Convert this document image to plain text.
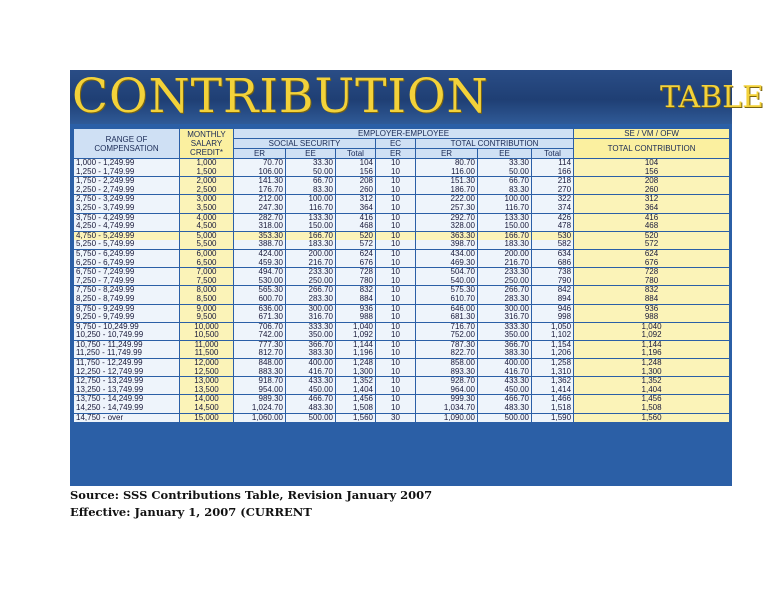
CONTRIBUTION	TABLE
RANGE OF COMPENSATION	MONTHLY SALARY CREDIT*	EMPLOYER-EMPLOYEE							SE / VM / OFW
		SOCIAL SECURITY			EC	TOTAL CONTRIBUTION			TOTAL CONTRIBUTION
		ER	EE	Total	ER	ER	EE	Total	
1,000 - 1,249.99	1,000	70.70	33.30	104	10	80.70	33.30	114	104
1,250 - 1,749.99	1,500	106.00	50.00	156	10	116.00	50.00	166	156
1,750 - 2,249.99	2,000	141.30	66.70	208	10	151.30	66.70	218	208
2,250 - 2,749.99	2,500	176.70	83.30	260	10	186.70	83.30	270	260
2,750 - 3,249.99	3,000	212.00	100.00	312	10	222.00	100.00	322	312
3,250 - 3,749.99	3,500	247.30	116.70	364	10	257.30	116.70	374	364
3,750 - 4,249.99	4,000	282.70	133.30	416	10	292.70	133.30	426	416
4,250 - 4,749.99	4,500	318.00	150.00	468	10	328.00	150.00	478	468
4,750 - 5,249.99	5,000	353.30	166.70	520	10	363.30	166.70	530	520
5,250 - 5,749.99	5,500	388.70	183.30	572	10	398.70	183.30	582	572
5,750 - 6,249.99	6,000	424.00	200.00	624	10	434.00	200.00	634	624
6,250 - 6,749.99	6,500	459.30	216.70	676	10	469.30	216.70	686	676
6,750 - 7,249.99	7,000	494.70	233.30	728	10	504.70	233.30	738	728
7,250 - 7,749.99	7,500	530.00	250.00	780	10	540.00	250.00	790	780
7,750 - 8,249.99	8,000	565.30	266.70	832	10	575.30	266.70	842	832
8,250 - 8,749.99	8,500	600.70	283.30	884	10	610.70	283.30	894	884
8,750 - 9,249.99	9,000	636.00	300.00	936	10	646.00	300.00	946	936
9,250 - 9,749.99	9,500	671.30	316.70	988	10	681.30	316.70	998	988
9,750 - 10,249.99	10,000	706.70	333.30	1,040	10	716.70	333.30	1,050	1,040
10,250 - 10,749.99	10,500	742.00	350.00	1,092	10	752.00	350.00	1,102	1,092
10,750 - 11,249.99	11,000	777.30	366.70	1,144	10	787.30	366.70	1,154	1,144
11,250 - 11,749.99	11,500	812.70	383.30	1,196	10	822.70	383.30	1,206	1,196
11,750 - 12,249.99	12,000	848.00	400.00	1,248	10	858.00	400.00	1,258	1,248
12,250 - 12,749.99	12,500	883.30	416.70	1,300	10	893.30	416.70	1,310	1,300
12,750 - 13,249.99	13,000	918.70	433.30	1,352	10	928.70	433.30	1,362	1,352
13,250 - 13,749.99	13,500	954.00	450.00	1,404	10	964.00	450.00	1,414	1,404
13,750 - 14,249.99	14,000	989.30	466.70	1,456	10	999.30	466.70	1,466	1,456
14,250 - 14,749.99	14,500	1,024.70	483.30	1,508	10	1,034.70	483.30	1,518	1,508
14,750 - over	15,000	1,060.00	500.00	1,560	30	1,090.00	500.00	1,590	1,560
Source: SSS Contributions Table, Revision January 2007
Effective: January 1, 2007 (CURRENT
